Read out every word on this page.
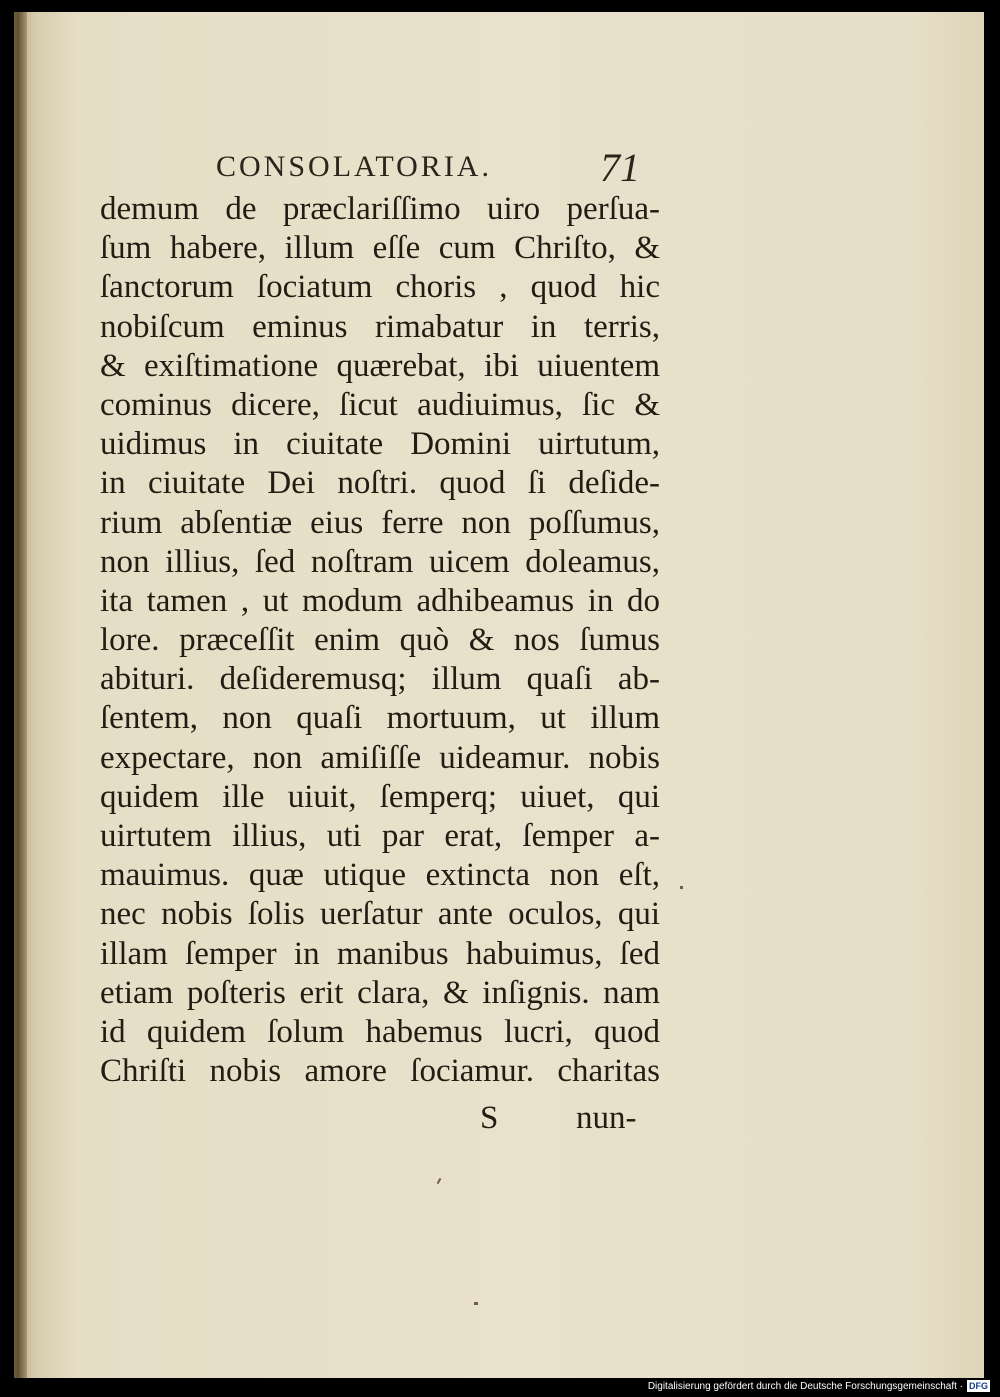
CONSOLATORIA.	71
demum de præclariſſimo uiro perſua-
ſum habere, illum eſſe cum Chriſto, &
ſanctorum ſociatum choris , quod hic
nobiſcum eminus rimabatur in terris,
& exiſtimatione quærebat, ibi uiuentem
cominus dicere, ſicut audiuimus, ſic &
uidimus in ciuitate Domini uirtutum,
in ciuitate Dei noſtri. quod ſi deſide-
rium abſentiæ eius ferre non poſſumus,
non illius, ſed noſtram uicem doleamus,
ita tamen , ut modum adhibeamus in do
lore. præceſſit enim quò & nos ſumus
abituri. deſideremusq; illum quaſi ab-
ſentem, non quaſi mortuum, ut illum
expectare, non amiſiſſe uideamur. nobis
quidem ille uiuit, ſemperq; uiuet, qui
uirtutem illius, uti par erat, ſemper a-
mauimus. quæ utique extincta non eſt,
nec nobis ſolis uerſatur ante oculos, qui
illam ſemper in manibus habuimus, ſed
etiam poſteris erit clara, & inſignis. nam
id quidem ſolum habemus lucri, quod
Chriſti nobis amore ſociamur. charitas
S nun-
Digitalisierung gefördert durch die Deutsche Forschungsgemeinschaft · DFG
